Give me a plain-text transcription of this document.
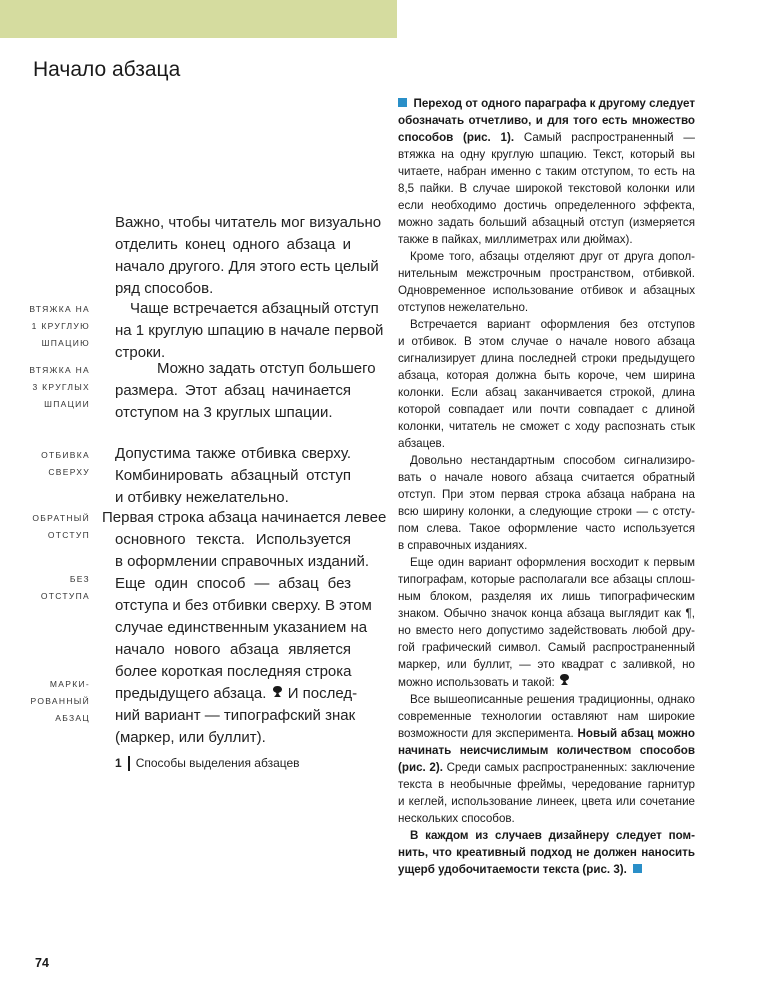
Начало абзаца
ВТЯЖКА НА
1 КРУГЛУЮ
ШПАЦИЮ
ВТЯЖКА НА
3 КРУГЛЫХ
ШПАЦИИ
ОТБИВКА
СВЕРХУ
ОБРАТНЫЙ
ОТСТУП
БЕЗ
ОТСТУПА
МАРКИ-
РОВАННЫЙ
АБЗАЦ
Важно, чтобы читатель мог визуально
отделить конец одного абзаца и
начало другого. Для этого есть целый
ряд способов.
Чаще встречается абзацный отступ
на 1 круглую шпацию в начале первой
строки.
Можно задать отступ большего
размера. Этот абзац начинается
отступом на 3 круглых шпации.
Допустима также отбивка сверху.
Комбинировать абзацный отступ
и отбивку нежелательно.
Первая строка абзаца начинается левее
основного текста. Используется
в оформлении справочных изданий.
Еще один способ — абзац без
отступа и без отбивки сверху. В этом
случае единственным указанием на
начало нового абзаца является
более короткая последняя строка
предыдущего абзаца. И послед-
ний вариант — типографский знак
(маркер, или буллит).
1 Способы выделения абзацев
Переход от одного параграфа к другому следует
обозначать отчетливо, и для того есть множество
способов (рис. 1). Самый распространенный —
втяжка на одну круглую шпацию. Текст, который вы
читаете, набран именно с таким отступом, то есть на
8,5 пайки. В случае широкой текстовой колонки или
если необходимо достичь определенного эффекта,
можно задать больший абзацный отступ (измеряется
также в пайках, миллиметрах или дюймах).
Кроме того, абзацы отделяют друг от друга допол-
нительным межстрочным пространством, отбивкой.
Одновременное использование отбивок и абзацных
отступов нежелательно.
Встречается вариант оформления без отступов
и отбивок. В этом случае о начале нового абзаца
сигнализирует длина последней строки предыдущего
абзаца, которая должна быть короче, чем ширина
колонки. Если абзац заканчивается строкой, длина
которой совпадает или почти совпадает с длиной
колонки, читатель не сможет с ходу распознать стык
абзацев.
Довольно нестандартным способом сигнализиро-
вать о начале нового абзаца считается обратный
отступ. При этом первая строка абзаца набрана на
всю ширину колонки, а следующие строки — с отсту-
пом слева. Такое оформление часто используется
в справочных изданиях.
Еще один вариант оформления восходит к первым
типографам, которые располагали все абзацы сплош-
ным блоком, разделяя их лишь типографическим
знаком. Обычно значок конца абзаца выглядит как ¶,
но вместо него допустимо задействовать любой дру-
гой графический символ. Самый распространенный
маркер, или буллит, — это квадрат с заливкой, но
можно использовать и такой:
Все вышеописанные решения традиционны, однако
современные технологии оставляют нам широкие
возможности для эксперимента. Новый абзац можно
начинать неисчислимым количеством способов
(рис. 2). Среди самых распространенных: заключение
текста в необычные фреймы, чередование гарнитур
и кеглей, использование линеек, цвета или сочетание
нескольких способов.
В каждом из случаев дизайнеру следует пом-
нить, что креативный подход не должен наносить
ущерб удобочитаемости текста (рис. 3).
74
